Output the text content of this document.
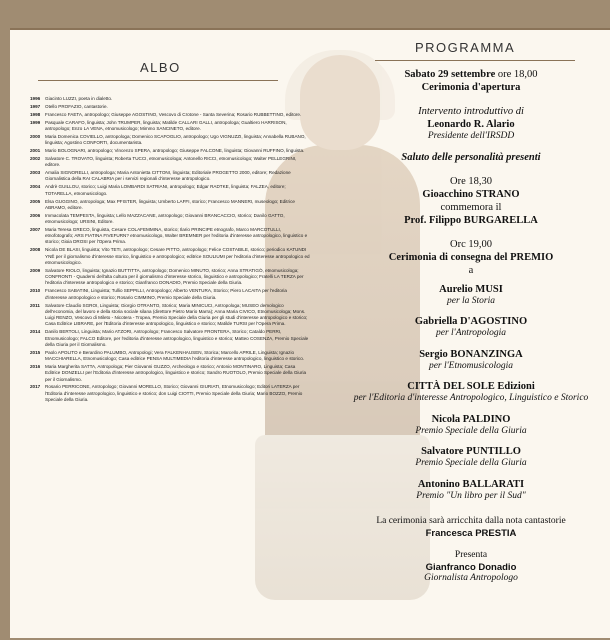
ALBO
1996	Giacinto LUZZI, poeta in dialetto.
1997	Otello PROFAZIO, cantastorie.
1998	Francesco FAETA, antropologo; Giuseppe AGOSTINO, Vescovo di Crotone - Santa Severina; Rosario RUBBETTINO, editore.
1999	Pasquale CARAFO, linguista; John TRUMPER, linguista; Matilde CALLARI GALLI, antropologa; Gualtiero HARRISON, antropologo; Enzo LA VENA, etnomusicologo; Mimmo SANCINETO, editore.
2000	Maria Domenica COVIELLO, antropologa; Domenico SCAFOGLIO, antropologo; Ugo VIGNUZZI, linguista; Annabella RUBANO, linguista; Agostino CONFORTI, documentarista.
2001	Mario BOLOGNARI, antropologo; Vincenzo SPERA, antropologo; Giuseppe FALCONE, linguista; Giovanni RUFFINO, linguista.
2002	Salvatore C. TROVATO, linguista; Roberta TUCCI, etnomusicologa; Antonello RICCI, etnomusicologo; Walter PELLEGRINI, editore.
2003	Amalia SIGNORELLI, antropologa; Maria Antonietta CITTONI, linguista; Editoriale PROGETTO 2000, editore; Redazione Giornalistica della RAI CALABRIA per i servizi regionali d'interesse antropologico.
2004	Andrè GUILLOU, storico; Luigi Maria LOMBARDI SATRIANI, antropologo; Edgar RADTKE, linguista; FALZEA, editore; TOTARELLA, etnomusicologo.
2005	Elsa GUGGINO, antropologa; Max PFISTER, linguista; Umberto LAFFI, storico; Francesco MANNERI, museologo; Editrice ABRAMO, editore.
2006	Immacolata TEMPESTA, linguista; Lello MAZZACANE, antropologo; Giovanni BRANCACCIO, storico; Danilo GATTO, etnomusicologo; URSINI, Editore.
2007	Maria Teresa GRECO, linguista, Cesare COLAFEMMINA, storico; Ilario PRINCIPE etnografo, Marco MARCOTULLI, etnofotografo; ARS FIATINA FIVEFURN? etnomusicologo, Walter BREMNER per l'editoria d'interesse antropologico, linguistico e storico; Gioia DROSI per l'Opera Prima.
2008	Nicola DE BLASI, linguista; Vito TETI, antropologo; Cesare PITTO, antropologo; Felice COSTABILE, storico; periodico KATUNDI YNË per il giornalismo d'interesse storico, linguistico e antropologico; editrice SOULIUMI per l'editoria d'interesse antropologico ed etnomusicologico.
2009	Salvatore RIOLO, linguista; Ignazio BUTTITTA, antropologo; Domenico MINUTO, storico; Anna STRATIGÒ, etnomusicologa; CONFRONTI - Quaderni dell'alta cultura per il giornalismo d'interesse storico, linguistico e antropologico; Fratelli LA TERZA per l'editoria d'interesse antropologico e storico; Gianfranco DONADIO, Premio Speciale della Giuria.
2010	Francesco SABATINI, Linguista; Tullio SEPPILLI, Antropologo; Alberto VENTURA, Storico; Piero LACAITA per l'editoria d'interesse antropologico e storico; Rosario CIMMINO, Premio Speciale della Giuria.
2011	Salvatore Claudio SGROI, Linguista; Giorgio OTRANTO, Storico; Maria MINICUCI, Antropologa; MUSEO demologico dell'economia, del lavoro e della storia sociale silana (direttore Pietro Mario Marra); Anna Maria CIVICO, Etnomusicologa; Mons. Luigi RENZO, Vescovo di Mileto - Nicotera - Tropea, Premio Speciale della Giuria per gli studi d'interesse antropologico e storico; Casa Editrice LIBRARE, per l'Editoria d'interesse antropologico, linguistico e storico; Matilde TURSI per l'Opera Prima.
2014	Danilo BERTOLI, Linguista; Mario ATZORI, Antropologo; Francesco Salvatore FRONTERA, Storico; Cataldo PERRI, Etnomusicologo; FALCO Editore, per l'editoria d'interesse antropologico, linguistico e storico; Matteo COSENZA, Premio Speciale della Giuria per il Giornalismo.
2015	Paolo APOLITO e Berardino PALUMBO, Antropologi; Vera FALKENHAUSEN, Storica; Marcello APRILE, Linguista; Ignazio MACCHIARELLA, Etnomusicologo; Casa editrice PENSA MULTIMEDIA l'editoria d'interesse antropologico, linguistico e storico.
2016	Maria Margherita SATTA, Antropologa; Pier Giovanni GUZZO, Archeologo e storico; Antonio MONTINARO, Linguista; Casa Editrice DONZELLI per l'Editoria d'interesse antropologico, linguistico e storico; Sandro RUOTOLO, Premio Speciale della Giuria per il Giornalismo.
2017	Rosario PERRICONE, Antropologo; Giovanni MORELLO, Storico; Giovanni GIURIATI, Etnomusicologo; Editori LATERZA per l'Editoria d'interesse antropologico, linguistico e storico; don Luigi CIOTTI, Premio Speciale della Giuria; Mario BOZZO, Premio Speciale della Giuria.
PROGRAMMA
Sabato 29 settembre ore 18,00
Cerimonia d'apertura
Intervento introduttivo di
Leonardo R. Alario
Presidente dell'IRSDD
Saluto delle personalità presenti
Ore 18,30
Gioacchino STRANO
commemora il
Prof. Filippo BURGARELLA
Orc 19,00
Cerimonia di consegna del PREMIO
a
Aurelio MUSI
per la Storia
Gabriella D'AGOSTINO
per l'Antropologia
Sergio BONANZINGA
per l'Etnomusicologia
CITTÀ DEL SOLE Edizioni
per l'Editoria d'interesse Antropologico, Linguistico e Storico
Nicola PALDINO
Premio Speciale della Giuria
Salvatore PUNTILLO
Premio Speciale della Giuria
Antonino BALLARATI
Premio "Un libro per il Sud"
La cerimonia sarà arricchita dalla nota cantastorie
Francesca PRESTIA
Presenta
Gianfranco Donadio
Giornalista Antropologo
